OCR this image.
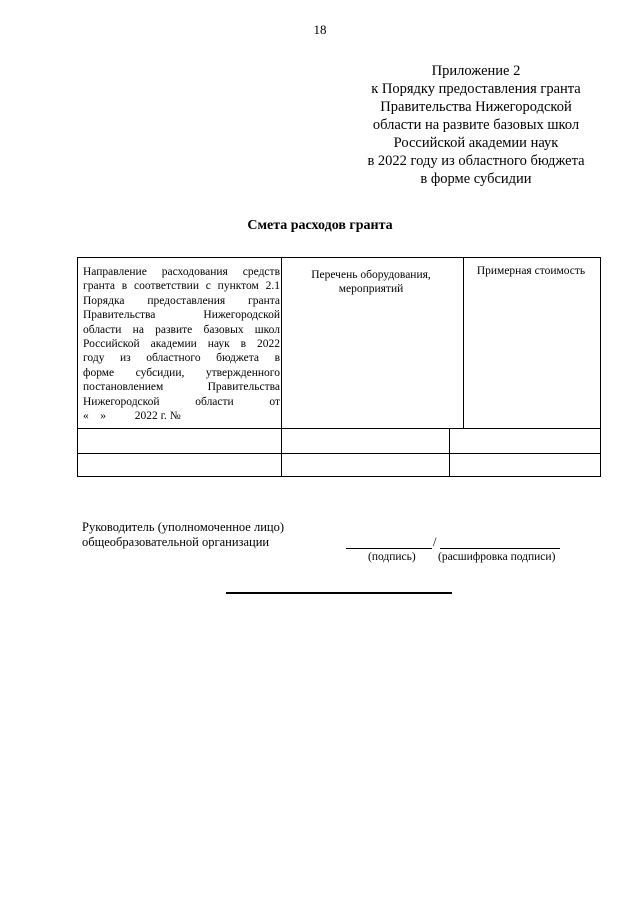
18
Приложение 2
к Порядку предоставления гранта
Правительства Нижегородской
области на развите базовых школ
Российской академии наук
в 2022 году из областного бюджета
в форме субсидии
Смета расходов гранта
Направление расходования средств
гранта в соответствии с пунктом 2.1
Порядка предоставления гранта
Правительства Нижегородской
области на развите базовых школ
Российской академии наук в 2022
году из областного бюджета в
форме субсидии, утвержденного
постановлением Правительства
Нижегородской области от
«    »          2022 г. №
Перечень оборудования,
мероприятий
Примерная стоимость
Руководитель (уполномоченное лицо)
общеобразовательной организации	/
(подпись) (расшифровка подписи)
